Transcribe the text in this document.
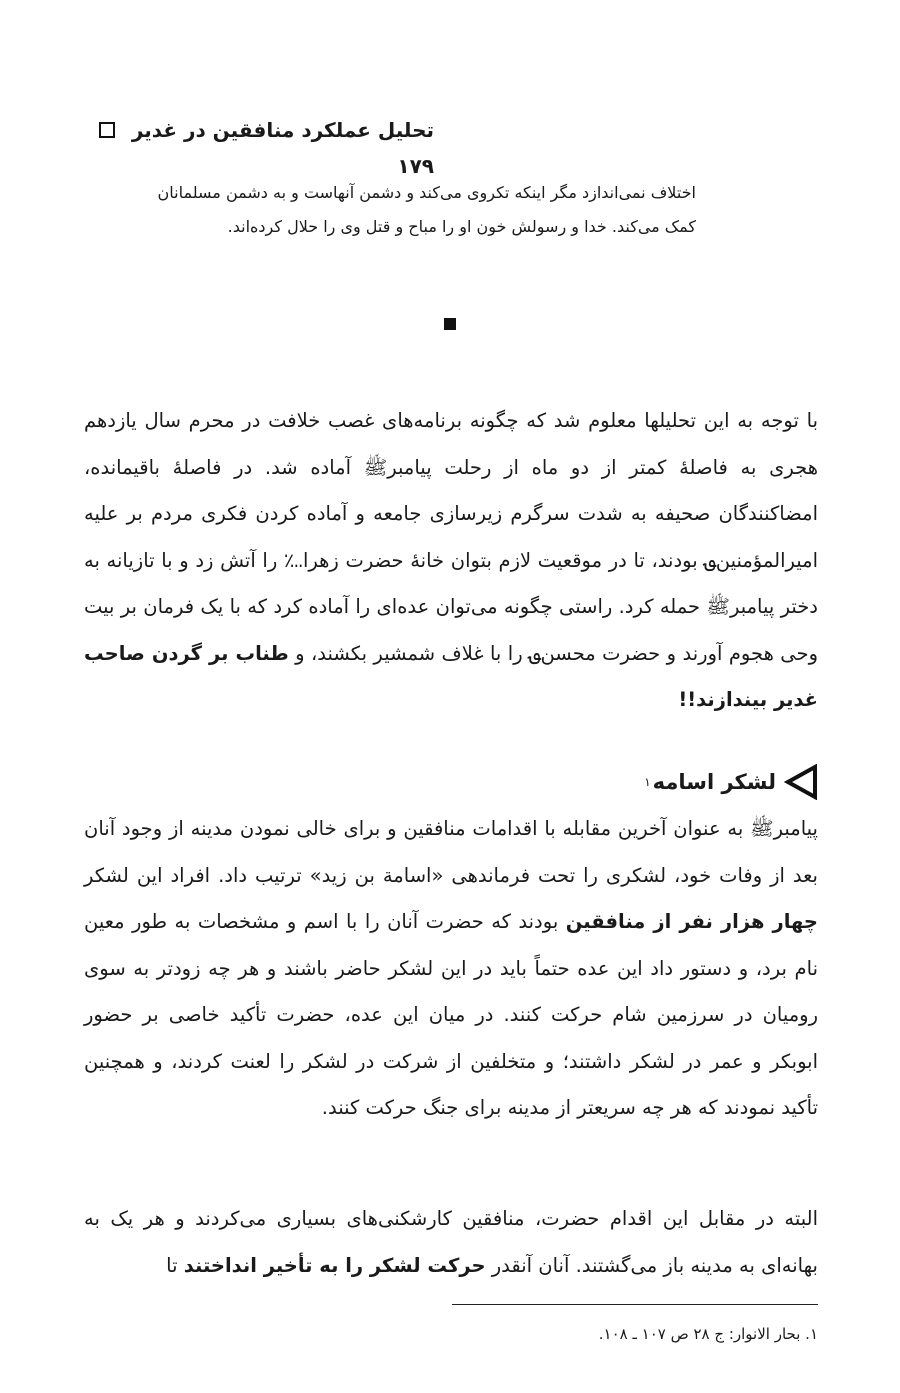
تحلیل عملکرد منافقین در غدیر  ۱۷۹
اختلاف نمی‌اندازد مگر اینکه تکروی می‌کند و دشمن آنهاست و به دشمن مسلمانان
کمک می‌کند. خدا و رسولش خون او را مباح و قتل وی را حلال کرده‌اند.

با توجه به این تحلیلها معلوم شد که چگونه برنامه‌های غصب خلافت در محرم سال یازدهم هجری به فاصلهٔ کمتر از دو ماه از رحلت پیامبرﷺ آماده شد. در فاصلهٔ باقیمانده، امضاکنندگان صحیفه به شدت سرگرم زیرسازی جامعه و آماده کردن فکری مردم بر علیه امیرالمؤمنین؈ بودند، تا در موقعیت لازم بتوان خانهٔ حضرت زهرا؊ را آتش زد و با تازیانه به دختر پیامبرﷺ حمله کرد. راستی چگونه می‌توان عده‌ای را آماده کرد که با یک فرمان بر بیت وحی هجوم آورند و حضرت محسن؈ را با غلاف شمشیر بکشند، و طناب بر گردن صاحب غدیر بیندازند!!

لشکر اسامه
۱

پیامبرﷺ به عنوان آخرین مقابله با اقدامات منافقین و برای خالی نمودن مدینه از وجود آنان بعد از وفات خود، لشکری را تحت فرماندهی «اسامة بن زید» ترتیب داد. افراد این لشکر چهار هزار نفر از منافقین بودند که حضرت آنان را با اسم و مشخصات به طور معین نام برد، و دستور داد این عده حتماً باید در این لشکر حاضر باشند و هر چه زودتر به سوی رومیان در سرزمین شام حرکت کنند. در میان این عده، حضرت تأکید خاصی بر حضور ابوبکر و عمر در لشکر داشتند؛ و متخلفین از شرکت در لشکر را لعنت کردند، و همچنین تأکید نمودند که هر چه سریعتر از مدینه برای جنگ حرکت کنند.

البته در مقابل این اقدام حضرت، منافقین کارشکنی‌های بسیاری می‌کردند و هر یک به بهانه‌ای به مدینه باز می‌گشتند. آنان آنقدر حرکت لشکر را به تأخیر انداختند تا

۱. بحار الانوار: ج ۲۸ ص ۱۰۷ ـ ۱۰۸.
